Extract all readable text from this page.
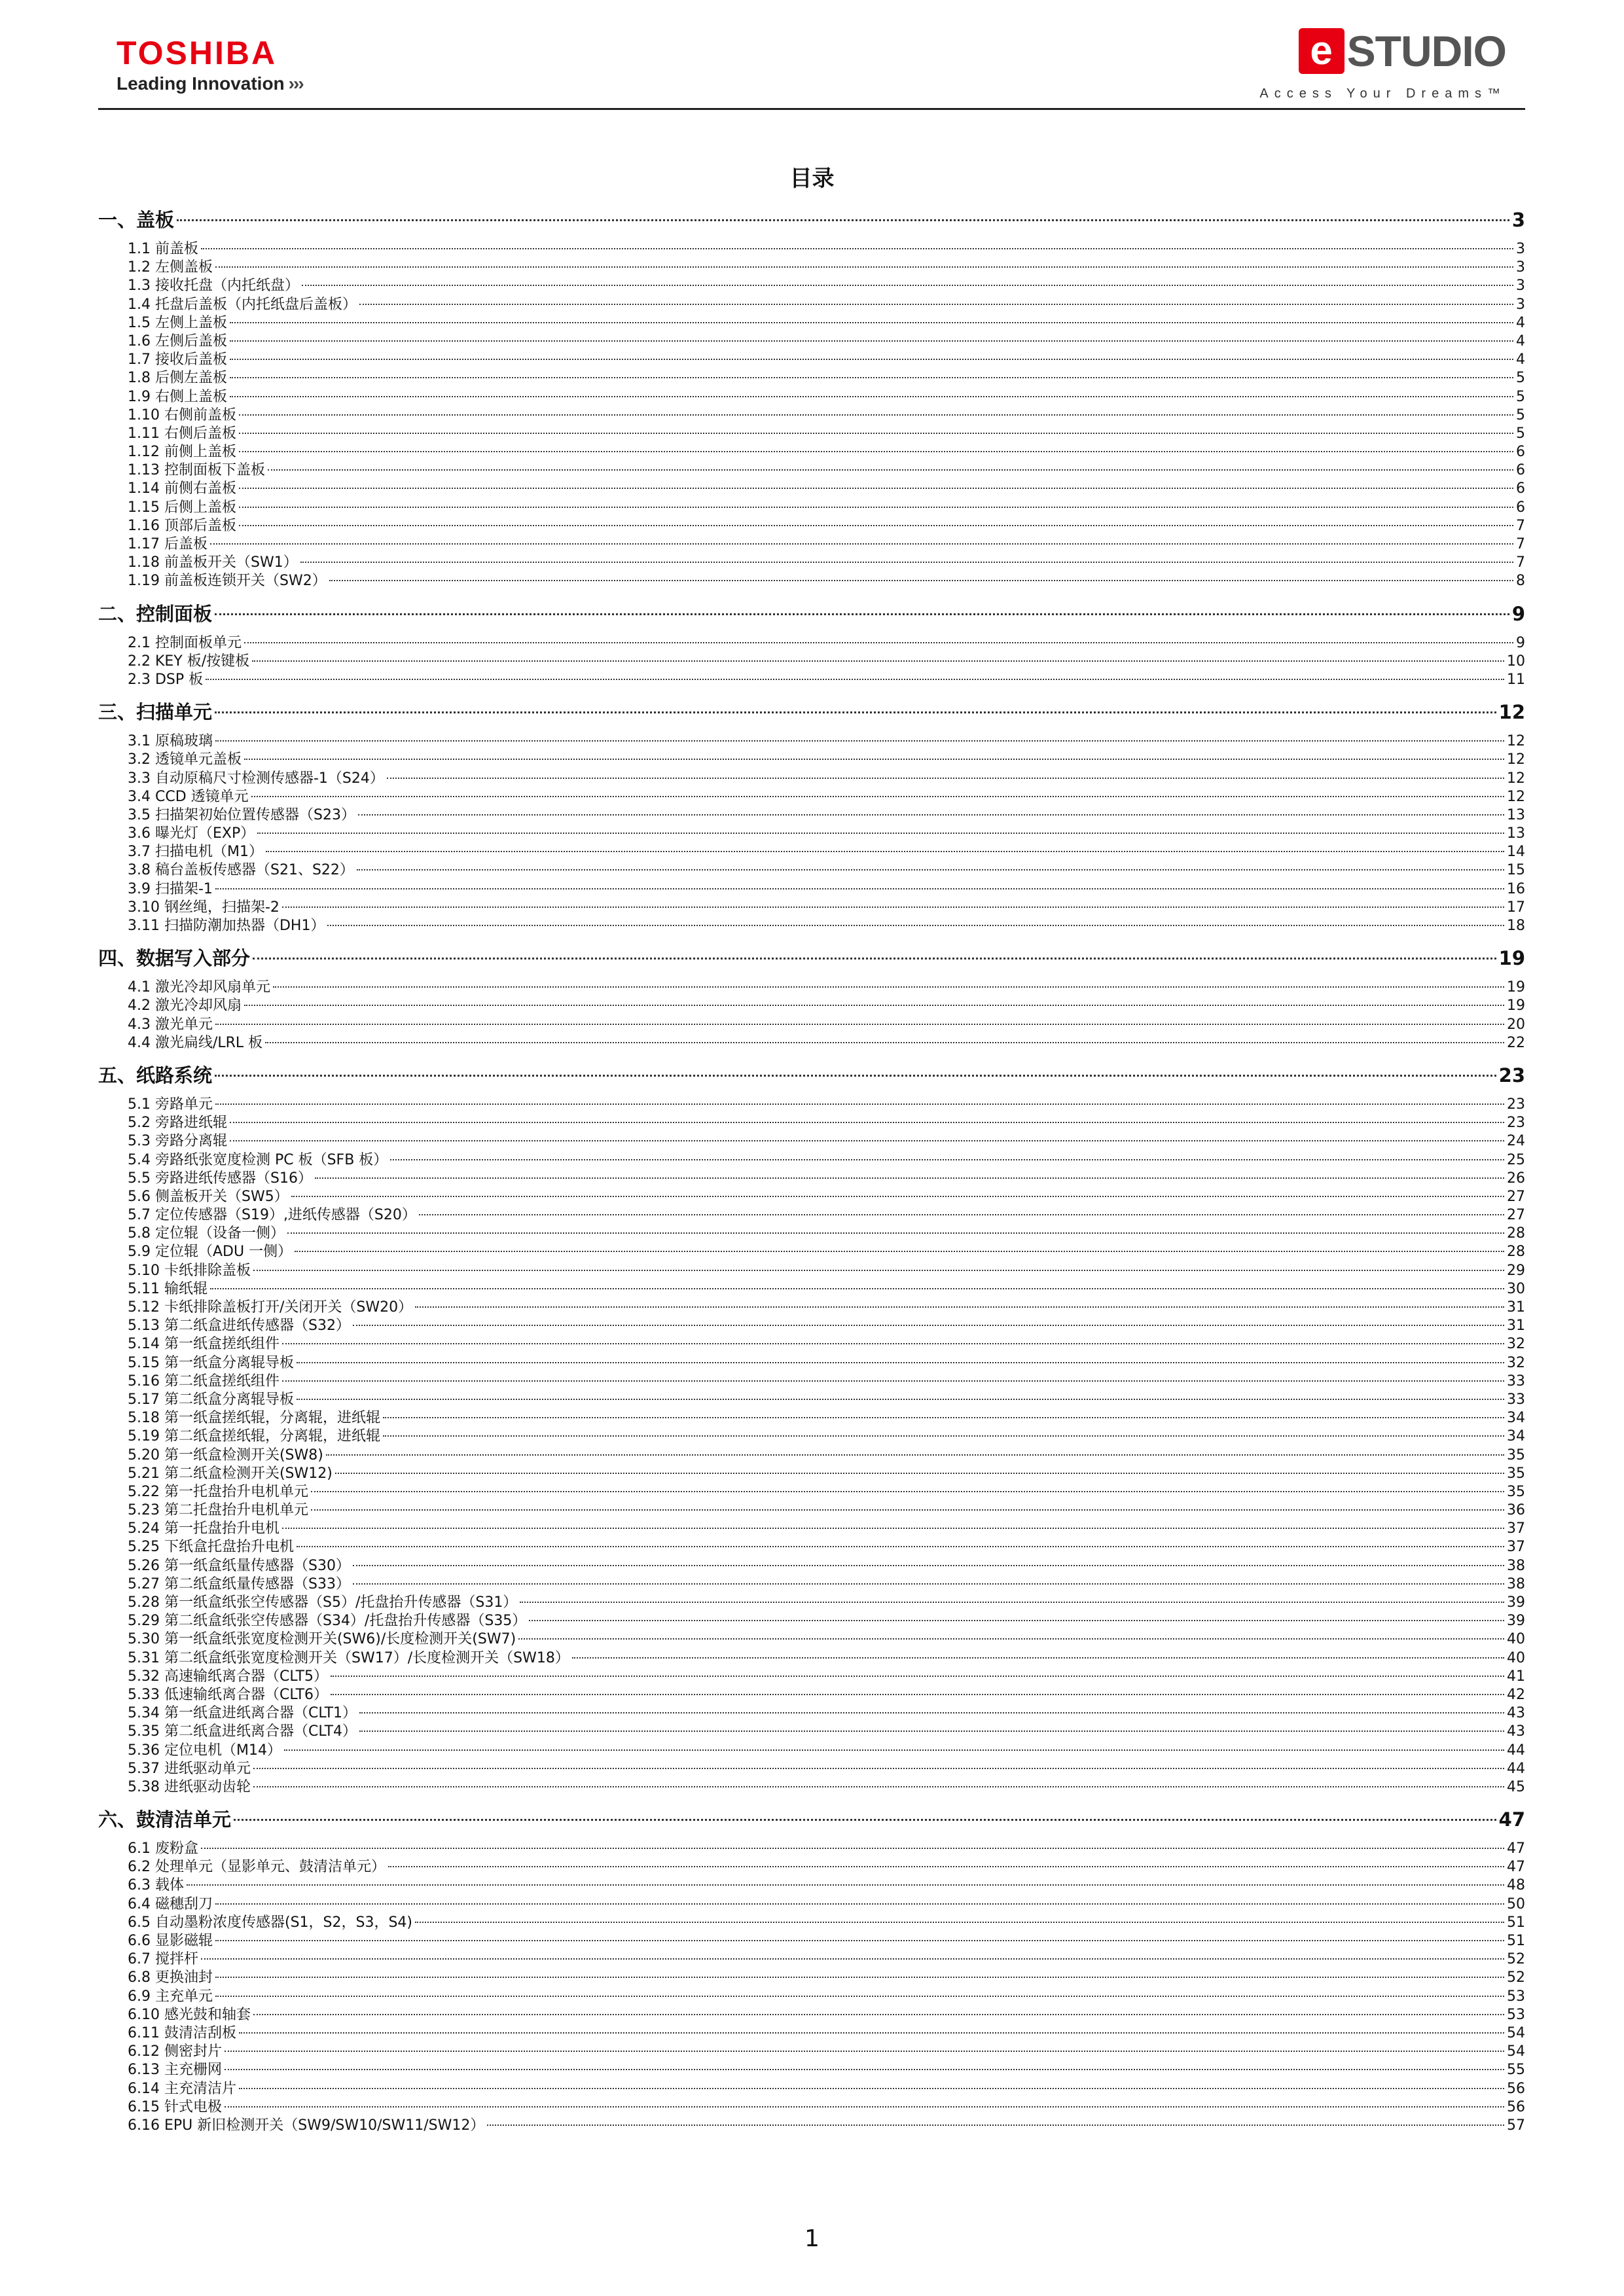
TOSHIBA
Leading Innovation ›››
e STUDIO
Access Your Dreams™
目录
一、盖板	3
1.1 前盖板	3
1.2 左侧盖板	3
1.3 接收托盘（内托纸盘）	3
1.4 托盘后盖板（内托纸盘后盖板）	3
1.5 左侧上盖板	4
1.6 左侧后盖板	4
1.7 接收后盖板	4
1.8 后侧左盖板	5
1.9 右侧上盖板	5
1.10 右侧前盖板	5
1.11 右侧后盖板	5
1.12 前侧上盖板	6
1.13 控制面板下盖板	6
1.14 前侧右盖板	6
1.15 后侧上盖板	6
1.16 顶部后盖板	7
1.17 后盖板	7
1.18 前盖板开关（SW1）	7
1.19 前盖板连锁开关（SW2）	8
二、控制面板	9
2.1 控制面板单元	9
2.2 KEY 板/按键板	10
2.3 DSP 板	11
三、扫描单元	12
3.1 原稿玻璃	12
3.2 透镜单元盖板	12
3.3 自动原稿尺寸检测传感器-1（S24）	12
3.4 CCD 透镜单元	12
3.5 扫描架初始位置传感器（S23）	13
3.6 曝光灯（EXP）	13
3.7 扫描电机（M1）	14
3.8 稿台盖板传感器（S21、S22）	15
3.9 扫描架-1	16
3.10 钢丝绳，扫描架-2	17
3.11 扫描防潮加热器（DH1）	18
四、数据写入部分	19
4.1 激光冷却风扇单元	19
4.2 激光冷却风扇	19
4.3 激光单元	20
4.4 激光扁线/LRL 板	22
五、纸路系统	23
5.1 旁路单元	23
5.2 旁路进纸辊	23
5.3 旁路分离辊	24
5.4 旁路纸张宽度检测 PC 板（SFB 板）	25
5.5 旁路进纸传感器（S16）	26
5.6 侧盖板开关（SW5）	27
5.7 定位传感器（S19）,进纸传感器（S20）	27
5.8 定位辊（设备一侧）	28
5.9 定位辊（ADU 一侧）	28
5.10 卡纸排除盖板	29
5.11 输纸辊	30
5.12 卡纸排除盖板打开/关闭开关（SW20）	31
5.13 第二纸盒进纸传感器（S32）	31
5.14 第一纸盒搓纸组件	32
5.15 第一纸盒分离辊导板	32
5.16 第二纸盒搓纸组件	33
5.17 第二纸盒分离辊导板	33
5.18 第一纸盒搓纸辊，分离辊，进纸辊	34
5.19 第二纸盒搓纸辊，分离辊，进纸辊	34
5.20 第一纸盒检测开关(SW8)	35
5.21 第二纸盒检测开关(SW12)	35
5.22 第一托盘抬升电机单元	35
5.23 第二托盘抬升电机单元	36
5.24 第一托盘抬升电机	37
5.25 下纸盒托盘抬升电机	37
5.26 第一纸盒纸量传感器（S30）	38
5.27 第二纸盒纸量传感器（S33）	38
5.28 第一纸盒纸张空传感器（S5）/托盘抬升传感器（S31）	39
5.29 第二纸盒纸张空传感器（S34）/托盘抬升传感器（S35）	39
5.30 第一纸盒纸张宽度检测开关(SW6)/长度检测开关(SW7)	40
5.31 第二纸盒纸张宽度检测开关（SW17）/长度检测开关（SW18）	40
5.32 高速输纸离合器（CLT5）	41
5.33 低速输纸离合器（CLT6）	42
5.34 第一纸盒进纸离合器（CLT1）	43
5.35 第二纸盒进纸离合器（CLT4）	43
5.36 定位电机（M14）	44
5.37 进纸驱动单元	44
5.38 进纸驱动齿轮	45
六、鼓清洁单元	47
6.1 废粉盒	47
6.2 处理单元（显影单元、鼓清洁单元）	47
6.3 载体	48
6.4 磁穗刮刀	50
6.5 自动墨粉浓度传感器(S1，S2，S3，S4)	51
6.6 显影磁辊	51
6.7 搅拌杆	52
6.8 更换油封	52
6.9 主充单元	53
6.10 感光鼓和轴套	53
6.11 鼓清洁刮板	54
6.12 侧密封片	54
6.13 主充栅网	55
6.14 主充清洁片	56
6.15 针式电极	56
6.16 EPU 新旧检测开关（SW9/SW10/SW11/SW12）	57
1
